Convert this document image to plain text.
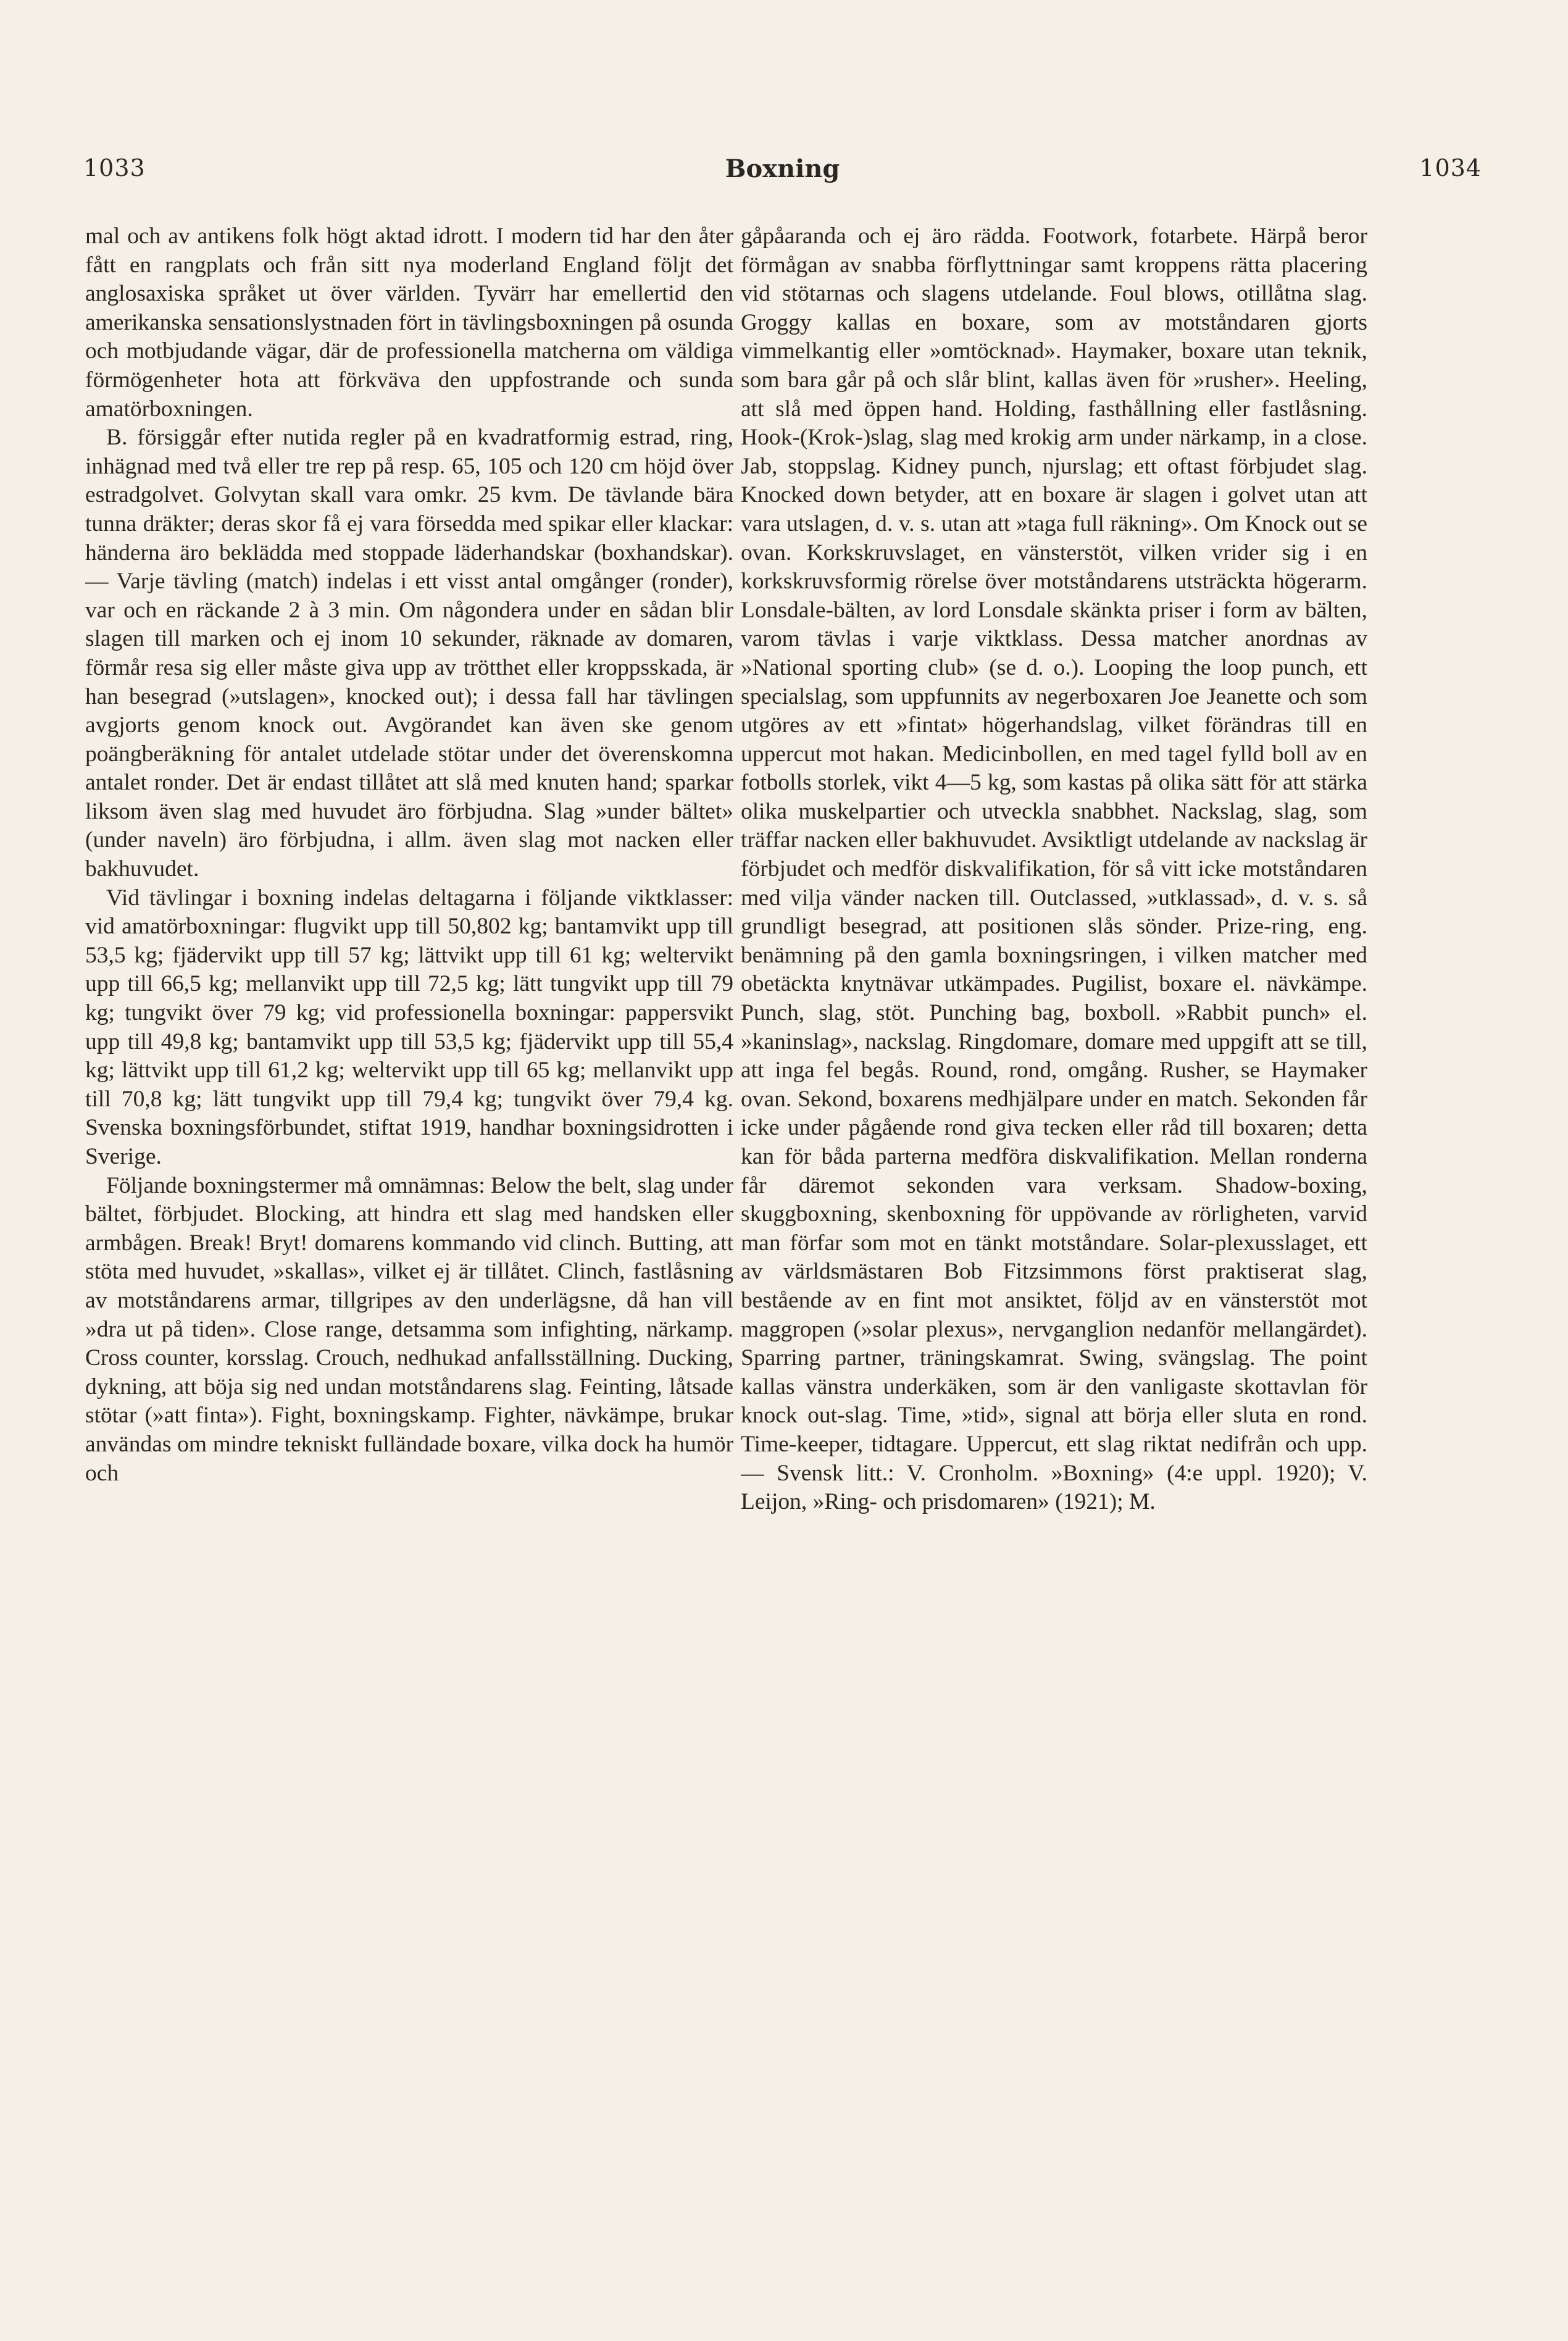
1033	Boxning	1034

mal och av antikens folk högt aktad idrott. I modern tid har den åter fått en rangplats och från sitt nya moderland England följt det anglosaxiska språket ut över världen. Tyvärr har emellertid den amerikanska sensationslystnaden fört in tävlingsboxningen på osunda och motbjudande vägar, där de professionella matcherna om väldiga förmögenheter hota att förkväva den uppfostrande och sunda amatörboxningen.

B. försiggår efter nutida regler på en kvadratformig estrad, ring, inhägnad med två eller tre rep på resp. 65, 105 och 120 cm höjd över estradgolvet. Golvytan skall vara omkr. 25 kvm. De tävlande bära tunna dräkter; deras skor få ej vara försedda med spikar eller klackar: händerna äro beklädda med stoppade läderhandskar (boxhandskar). — Varje tävling (match) indelas i ett visst antal omgånger (ronder), var och en räckande 2 à 3 min. Om någondera under en sådan blir slagen till marken och ej inom 10 sekunder, räknade av domaren, förmår resa sig eller måste giva upp av trötthet eller kroppsskada, är han besegrad (»utslagen», knocked out); i dessa fall har tävlingen avgjorts genom knock out. Avgörandet kan även ske genom poängberäkning för antalet utdelade stötar under det överenskomna antalet ronder. Det är endast tillåtet att slå med knuten hand; sparkar liksom även slag med huvudet äro förbjudna. Slag »under bältet» (under naveln) äro förbjudna, i allm. även slag mot nacken eller bakhuvudet.

Vid tävlingar i boxning indelas deltagarna i följande viktklasser: vid amatörboxningar: flugvikt upp till 50,802 kg; bantamvikt upp till 53,5 kg; fjädervikt upp till 57 kg; lättvikt upp till 61 kg; weltervikt upp till 66,5 kg; mellanvikt upp till 72,5 kg; lätt tungvikt upp till 79 kg; tungvikt över 79 kg; vid professionella boxningar: pappersvikt upp till 49,8 kg; bantamvikt upp till 53,5 kg; fjädervikt upp till 55,4 kg; lättvikt upp till 61,2 kg; weltervikt upp till 65 kg; mellanvikt upp till 70,8 kg; lätt tungvikt upp till 79,4 kg; tungvikt över 79,4 kg. Svenska boxningsförbundet, stiftat 1919, handhar boxningsidrotten i Sverige.

Följande boxningstermer må omnämnas: Below the belt, slag under bältet, förbjudet. Blocking, att hindra ett slag med handsken eller armbågen. Break! Bryt! domarens kommando vid clinch. Butting, att stöta med huvudet, »skallas», vilket ej är tillåtet. Clinch, fastlåsning av motståndarens armar, tillgripes av den underlägsne, då han vill »dra ut på tiden». Close range, detsamma som infighting, närkamp. Cross counter, korsslag. Crouch, nedhukad anfallsställning. Ducking, dykning, att böja sig ned undan motståndarens slag. Feinting, låtsade stötar (»att finta»). Fight, boxningskamp. Fighter, nävkämpe, brukar användas om mindre tekniskt fulländade boxare, vilka dock ha humör och

gåpåaranda och ej äro rädda. Footwork, fotarbete. Härpå beror förmågan av snabba förflyttningar samt kroppens rätta placering vid stötarnas och slagens utdelande. Foul blows, otillåtna slag. Groggy kallas en boxare, som av motståndaren gjorts vimmelkantig eller »omtöcknad». Haymaker, boxare utan teknik, som bara går på och slår blint, kallas även för »rusher». Heeling, att slå med öppen hand. Holding, fasthållning eller fastlåsning. Hook-(Krok-)slag, slag med krokig arm under närkamp, in a close. Jab, stoppslag. Kidney punch, njurslag; ett oftast förbjudet slag. Knocked down betyder, att en boxare är slagen i golvet utan att vara utslagen, d. v. s. utan att »taga full räkning». Om Knock out se ovan. Korkskruvslaget, en vänsterstöt, vilken vrider sig i en korkskruvsformig rörelse över motståndarens utsträckta högerarm. Lonsdale-bälten, av lord Lonsdale skänkta priser i form av bälten, varom tävlas i varje viktklass. Dessa matcher anordnas av »National sporting club» (se d. o.). Looping the loop punch, ett specialslag, som uppfunnits av negerboxaren Joe Jeanette och som utgöres av ett »fintat» högerhandslag, vilket förändras till en uppercut mot hakan. Medicinbollen, en med tagel fylld boll av en fotbolls storlek, vikt 4—5 kg, som kastas på olika sätt för att stärka olika muskelpartier och utveckla snabbhet. Nackslag, slag, som träffar nacken eller bakhuvudet. Avsiktligt utdelande av nackslag är förbjudet och medför diskvalifikation, för så vitt icke motståndaren med vilja vänder nacken till. Outclassed, »utklassad», d. v. s. så grundligt besegrad, att positionen slås sönder. Prize-ring, eng. benämning på den gamla boxningsringen, i vilken matcher med obetäckta knytnävar utkämpades. Pugilist, boxare el. nävkämpe. Punch, slag, stöt. Punching bag, boxboll. »Rabbit punch» el. »kaninslag», nackslag. Ringdomare, domare med uppgift att se till, att inga fel begås. Round, rond, omgång. Rusher, se Haymaker ovan. Sekond, boxarens medhjälpare under en match. Sekonden får icke under pågående rond giva tecken eller råd till boxaren; detta kan för båda parterna medföra diskvalifikation. Mellan ronderna får däremot sekonden vara verksam. Shadow-boxing, skuggboxning, skenboxning för uppövande av rörligheten, varvid man förfar som mot en tänkt motståndare. Solar-plexusslaget, ett av världsmästaren Bob Fitzsimmons först praktiserat slag, bestående av en fint mot ansiktet, följd av en vänsterstöt mot maggropen (»solar plexus», nervganglion nedanför mellangärdet). Sparring partner, träningskamrat. Swing, svängslag. The point kallas vänstra underkäken, som är den vanligaste skottavlan för knock out-slag. Time, »tid», signal att börja eller sluta en rond. Time-keeper, tidtagare. Uppercut, ett slag riktat nedifrån och upp. — Svensk litt.: V. Cronholm. »Boxning» (4:e uppl. 1920); V. Leijon, »Ring- och prisdomaren» (1921); M.
